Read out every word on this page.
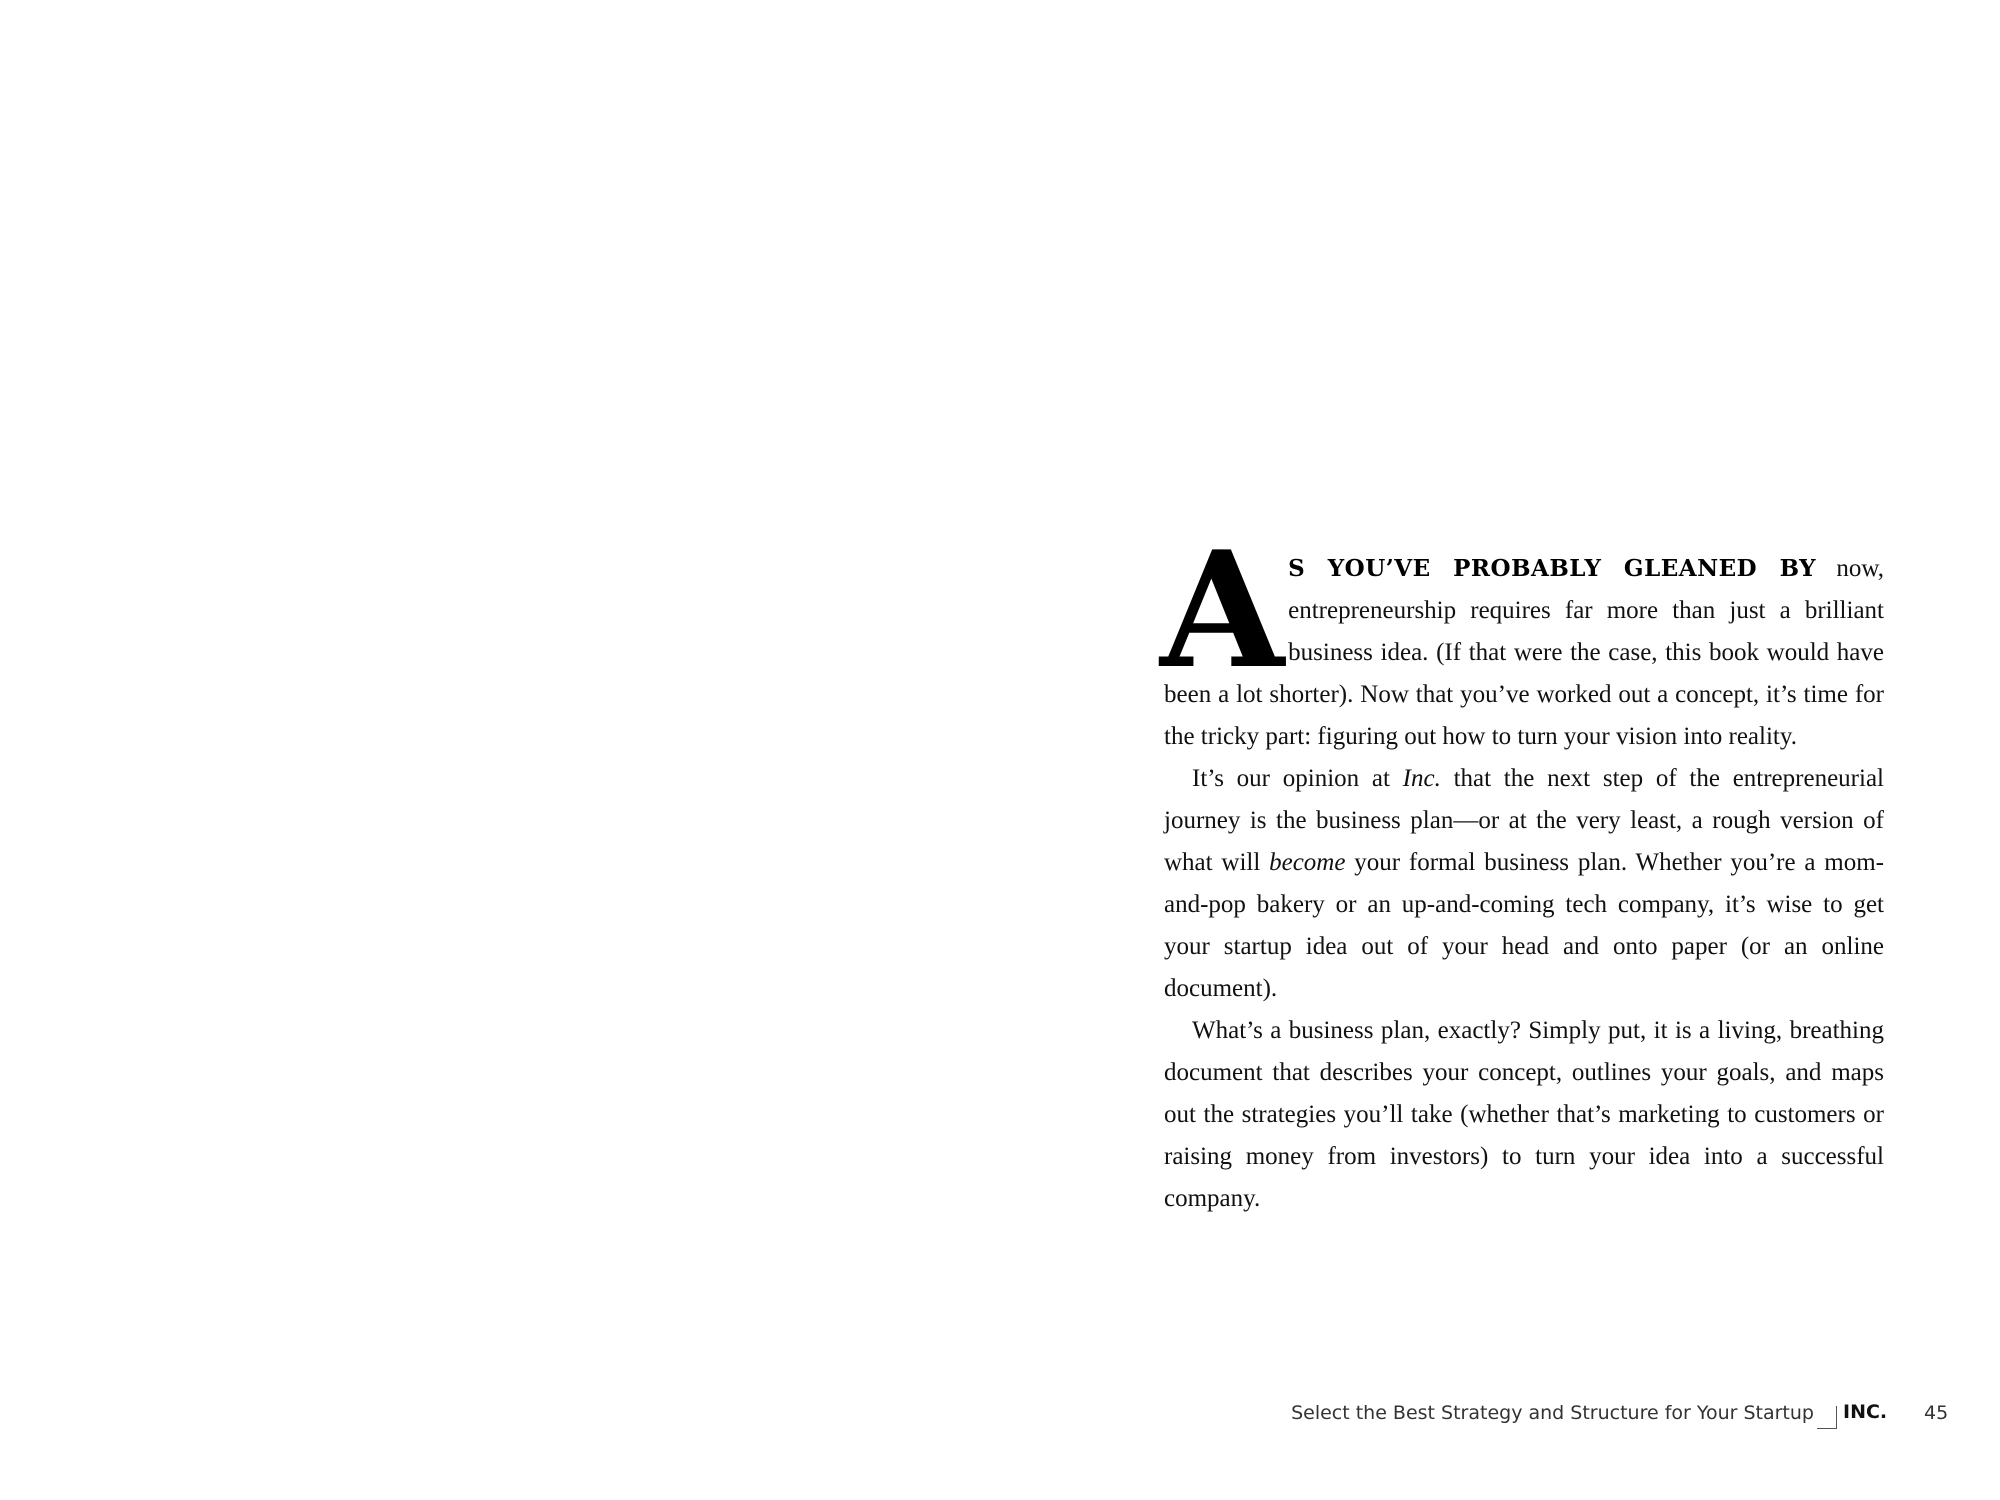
A S YOU’VE PROBABLY GLEANED BY now, entrepreneurship requires far more than just a brilliant business idea. (If that were the case, this book would have been a lot shorter). Now that you’ve worked out a concept, it’s time for the tricky part: figuring out how to turn your vision into reality.

It’s our opinion at Inc. that the next step of the entrepreneurial journey is the business plan—or at the very least, a rough version of what will become your formal business plan. Whether you’re a mom-and-pop bakery or an up-and-coming tech company, it’s wise to get your startup idea out of your head and onto paper (or an online document).

What’s a business plan, exactly? Simply put, it is a living, breathing document that describes your concept, outlines your goals, and maps out the strategies you’ll take (whether that’s marketing to customers or raising money from investors) to turn your idea into a successful company.

Select the Best Strategy and Structure for Your Startup INC. 45
